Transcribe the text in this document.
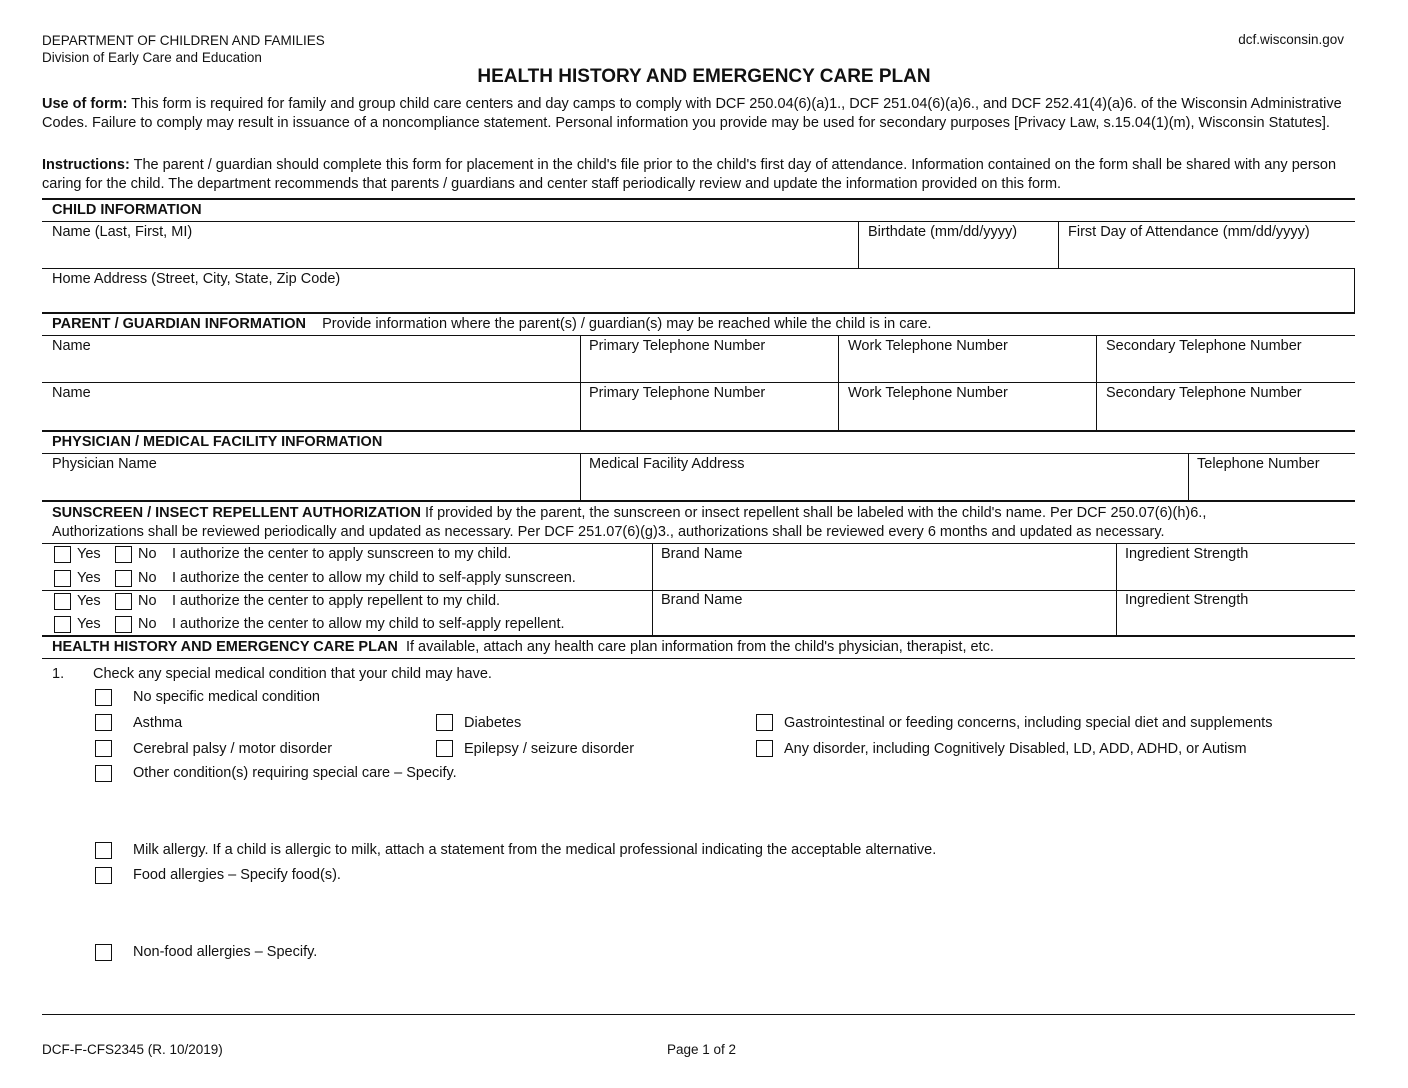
DEPARTMENT OF CHILDREN AND FAMILIES
Division of Early Care and Education
dcf.wisconsin.gov
HEALTH HISTORY AND EMERGENCY CARE PLAN
Use of form: This form is required for family and group child care centers and day camps to comply with DCF 250.04(6)(a)1., DCF 251.04(6)(a)6., and DCF 252.41(4)(a)6. of the Wisconsin Administrative Codes. Failure to comply may result in issuance of a noncompliance statement. Personal information you provide may be used for secondary purposes [Privacy Law, s.15.04(1)(m), Wisconsin Statutes].
Instructions: The parent / guardian should complete this form for placement in the child's file prior to the child's first day of attendance. Information contained on the form shall be shared with any person caring for the child. The department recommends that parents / guardians and center staff periodically review and update the information provided on this form.
CHILD INFORMATION
Name (Last, First, MI)	Birthdate (mm/dd/yyyy)	First Day of Attendance (mm/dd/yyyy)
Home Address (Street, City, State, Zip Code)
PARENT / GUARDIAN INFORMATION Provide information where the parent(s) / guardian(s) may be reached while the child is in care.
Name	Primary Telephone Number	Work Telephone Number	Secondary Telephone Number
Name	Primary Telephone Number	Work Telephone Number	Secondary Telephone Number
PHYSICIAN / MEDICAL FACILITY INFORMATION
Physician Name	Medical Facility Address	Telephone Number
SUNSCREEN / INSECT REPELLENT AUTHORIZATION If provided by the parent, the sunscreen or insect repellent shall be labeled with the child's name. Per DCF 250.07(6)(h)6.,
Authorizations shall be reviewed periodically and updated as necessary. Per DCF 251.07(6)(g)3., authorizations shall be reviewed every 6 months and updated as necessary.
Yes	No I authorize the center to apply sunscreen to my child.
Yes	No I authorize the center to allow my child to self-apply sunscreen.
Brand Name	Ingredient Strength
Yes	No I authorize the center to apply repellent to my child.
Yes	No I authorize the center to allow my child to self-apply repellent.
Brand Name	Ingredient Strength
HEALTH HISTORY AND EMERGENCY CARE PLAN If available, attach any health care plan information from the child's physician, therapist, etc.
1. Check any special medical condition that your child may have.
No specific medical condition
Asthma	Diabetes	Gastrointestinal or feeding concerns, including special diet and supplements
Cerebral palsy / motor disorder	Epilepsy / seizure disorder	Any disorder, including Cognitively Disabled, LD, ADD, ADHD, or Autism
Other condition(s) requiring special care – Specify.
Milk allergy. If a child is allergic to milk, attach a statement from the medical professional indicating the acceptable alternative.
Food allergies – Specify food(s).
Non-food allergies – Specify.
DCF-F-CFS2345 (R. 10/2019)	Page 1 of 2
